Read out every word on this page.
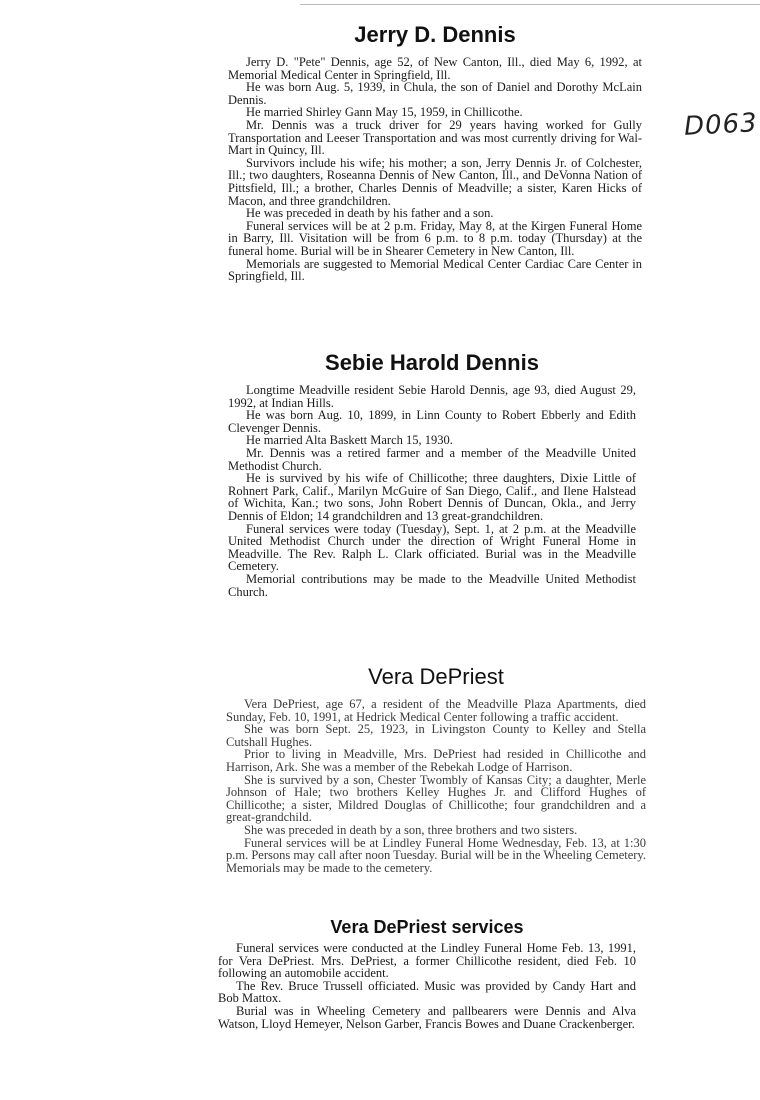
D063
Jerry D. Dennis

Jerry D. "Pete" Dennis, age 52, of New Canton, Ill., died May 6, 1992, at Memorial Medical Center in Springfield, Ill.

He was born Aug. 5, 1939, in Chula, the son of Daniel and Dorothy McLain Dennis.

He married Shirley Gann May 15, 1959, in Chillicothe.

Mr. Dennis was a truck driver for 29 years having worked for Gully Transportation and Leeser Transportation and was most currently driving for Wal-Mart in Quincy, Ill.

Survivors include his wife; his mother; a son, Jerry Dennis Jr. of Colchester, Ill.; two daughters, Roseanna Dennis of New Canton, Ill., and DeVonna Nation of Pittsfield, Ill.; a brother, Charles Dennis of Meadville; a sister, Karen Hicks of Macon, and three grandchildren.

He was preceded in death by his father and a son.

Funeral services will be at 2 p.m. Friday, May 8, at the Kirgen Funeral Home in Barry, Ill. Visitation will be from 6 p.m. to 8 p.m. today (Thursday) at the funeral home. Burial will be in Shearer Cemetery in New Canton, Ill.

Memorials are suggested to Memorial Medical Center Cardiac Care Center in Springfield, Ill.

Sebie Harold Dennis

Longtime Meadville resident Sebie Harold Dennis, age 93, died August 29, 1992, at Indian Hills.

He was born Aug. 10, 1899, in Linn County to Robert Ebberly and Edith Clevenger Dennis.

He married Alta Baskett March 15, 1930.

Mr. Dennis was a retired farmer and a member of the Meadville United Methodist Church.

He is survived by his wife of Chillicothe; three daughters, Dixie Little of Rohnert Park, Calif., Marilyn McGuire of San Diego, Calif., and Ilene Halstead of Wichita, Kan.; two sons, John Robert Dennis of Duncan, Okla., and Jerry Dennis of Eldon; 14 grandchildren and 13 great-grandchildren.

Funeral services were today (Tuesday), Sept. 1, at 2 p.m. at the Meadville United Methodist Church under the direction of Wright Funeral Home in Meadville. The Rev. Ralph L. Clark officiated. Burial was in the Meadville Cemetery.

Memorial contributions may be made to the Meadville United Methodist Church.

Vera DePriest

Vera DePriest, age 67, a resident of the Meadville Plaza Apartments, died Sunday, Feb. 10, 1991, at Hedrick Medical Center following a traffic accident.

She was born Sept. 25, 1923, in Livingston County to Kelley and Stella Cutshall Hughes.

Prior to living in Meadville, Mrs. DePriest had resided in Chillicothe and Harrison, Ark. She was a member of the Rebekah Lodge of Harrison.

She is survived by a son, Chester Twombly of Kansas City; a daughter, Merle Johnson of Hale; two brothers Kelley Hughes Jr. and Clifford Hughes of Chillicothe; a sister, Mildred Douglas of Chillicothe; four grandchildren and a great-grandchild.

She was preceded in death by a son, three brothers and two sisters.

Funeral services will be at Lindley Funeral Home Wednesday, Feb. 13, at 1:30 p.m. Persons may call after noon Tuesday. Burial will be in the Wheeling Cemetery. Memorials may be made to the cemetery.

Vera DePriest services

Funeral services were conducted at the Lindley Funeral Home Feb. 13, 1991, for Vera DePriest. Mrs. DePriest, a former Chillicothe resident, died Feb. 10 following an automobile accident.

The Rev. Bruce Trussell officiated. Music was provided by Candy Hart and Bob Mattox.

Burial was in Wheeling Cemetery and pallbearers were Dennis and Alva Watson, Lloyd Hemeyer, Nelson Garber, Francis Bowes and Duane Crackenberger.
